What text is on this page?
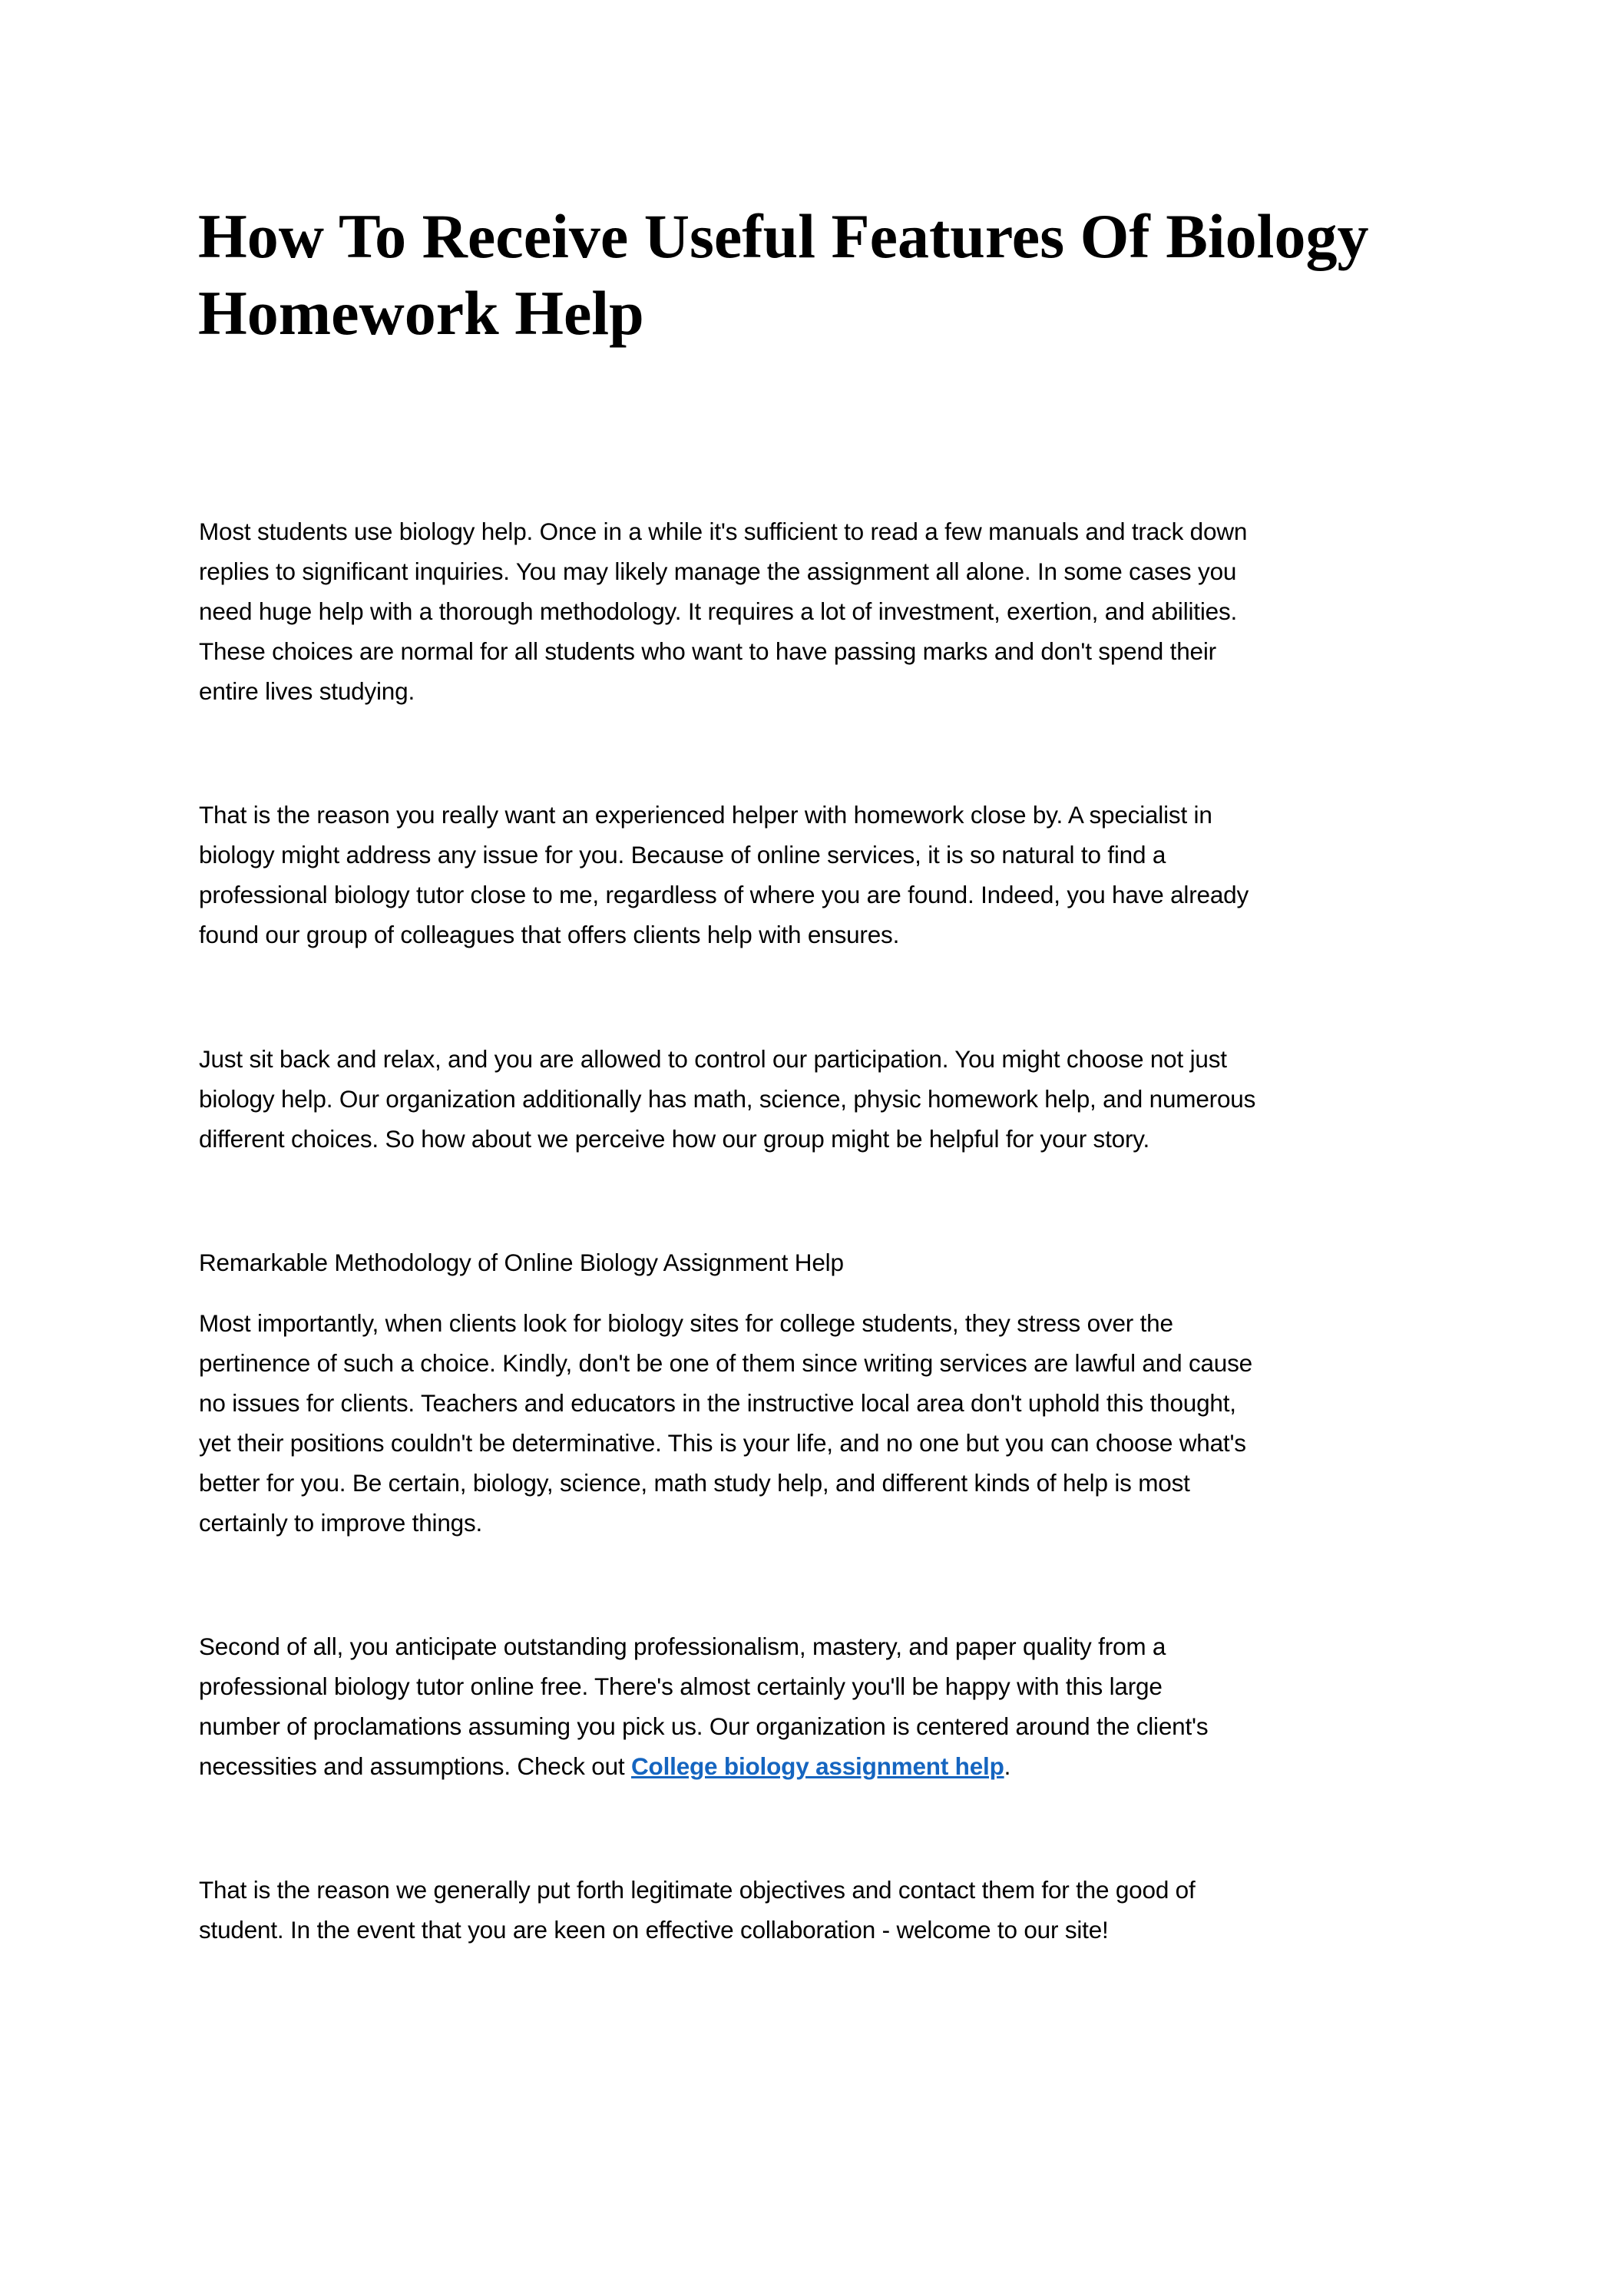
How To Receive Useful Features Of Biology
Homework Help
Most students use biology help. Once in a while it's sufficient to read a few manuals and track down
replies to significant inquiries. You may likely manage the assignment all alone. In some cases you
need huge help with a thorough methodology. It requires a lot of investment, exertion, and abilities.
These choices are normal for all students who want to have passing marks and don't spend their
entire lives studying.
That is the reason you really want an experienced helper with homework close by. A specialist in
biology might address any issue for you. Because of online services, it is so natural to find a
professional biology tutor close to me, regardless of where you are found. Indeed, you have already
found our group of colleagues that offers clients help with ensures.
Just sit back and relax, and you are allowed to control our participation. You might choose not just
biology help. Our organization additionally has math, science, physic homework help, and numerous
different choices. So how about we perceive how our group might be helpful for your story.
Remarkable Methodology of Online Biology Assignment Help
Most importantly, when clients look for biology sites for college students, they stress over the
pertinence of such a choice. Kindly, don't be one of them since writing services are lawful and cause
no issues for clients. Teachers and educators in the instructive local area don't uphold this thought,
yet their positions couldn't be determinative. This is your life, and no one but you can choose what's
better for you. Be certain, biology, science, math study help, and different kinds of help is most
certainly to improve things.
Second of all, you anticipate outstanding professionalism, mastery, and paper quality from a
professional biology tutor online free. There's almost certainly you'll be happy with this large
number of proclamations assuming you pick us. Our organization is centered around the client's
necessities and assumptions. Check out College biology assignment help.
That is the reason we generally put forth legitimate objectives and contact them for the good of
student. In the event that you are keen on effective collaboration - welcome to our site!
